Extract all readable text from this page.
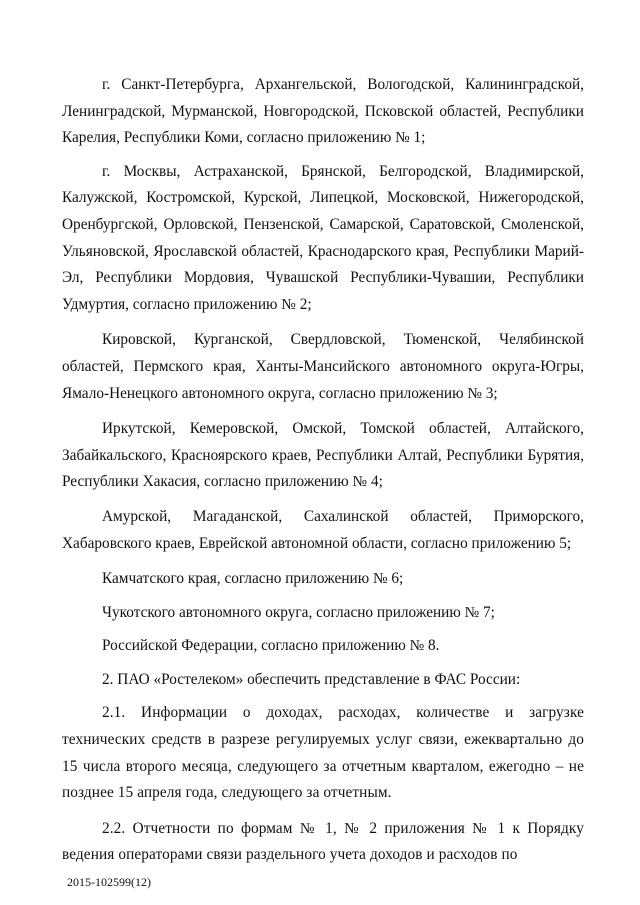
г. Санкт-Петербурга, Архангельской, Вологодской, Калининградской, Ленинградской, Мурманской, Новгородской, Псковской областей, Республики Карелия, Республики Коми, согласно приложению № 1;

г. Москвы, Астраханской, Брянской, Белгородской, Владимирской, Калужской, Костромской, Курской, Липецкой, Московской, Нижегородской, Оренбургской, Орловской, Пензенской, Самарской, Саратовской, Смоленской, Ульяновской, Ярославской областей, Краснодарского края, Республики Марий-Эл, Республики Мордовия, Чувашской Республики-Чувашии, Республики Удмуртия, согласно приложению № 2;

Кировской, Курганской, Свердловской, Тюменской, Челябинской областей, Пермского края, Ханты-Мансийского автономного округа-Югры, Ямало-Ненецкого автономного округа, согласно приложению № 3;

Иркутской, Кемеровской, Омской, Томской областей, Алтайского, Забайкальского, Красноярского краев, Республики Алтай, Республики Бурятия, Республики Хакасия, согласно приложению № 4;

Амурской, Магаданской, Сахалинской областей, Приморского, Хабаровского краев, Еврейской автономной области, согласно приложению 5;

Камчатского края, согласно приложению № 6;

Чукотского автономного округа, согласно приложению № 7;

Российской Федерации, согласно приложению № 8.

2. ПАО «Ростелеком» обеспечить представление в ФАС России:

2.1. Информации о доходах, расходах, количестве и загрузке технических средств в разрезе регулируемых услуг связи, ежеквартально до 15 числа второго месяца, следующего за отчетным кварталом, ежегодно – не позднее 15 апреля года, следующего за отчетным.

2.2. Отчетности по формам № 1, № 2 приложения № 1 к Порядку ведения операторами связи раздельного учета доходов и расходов по

2015-102599(12)
